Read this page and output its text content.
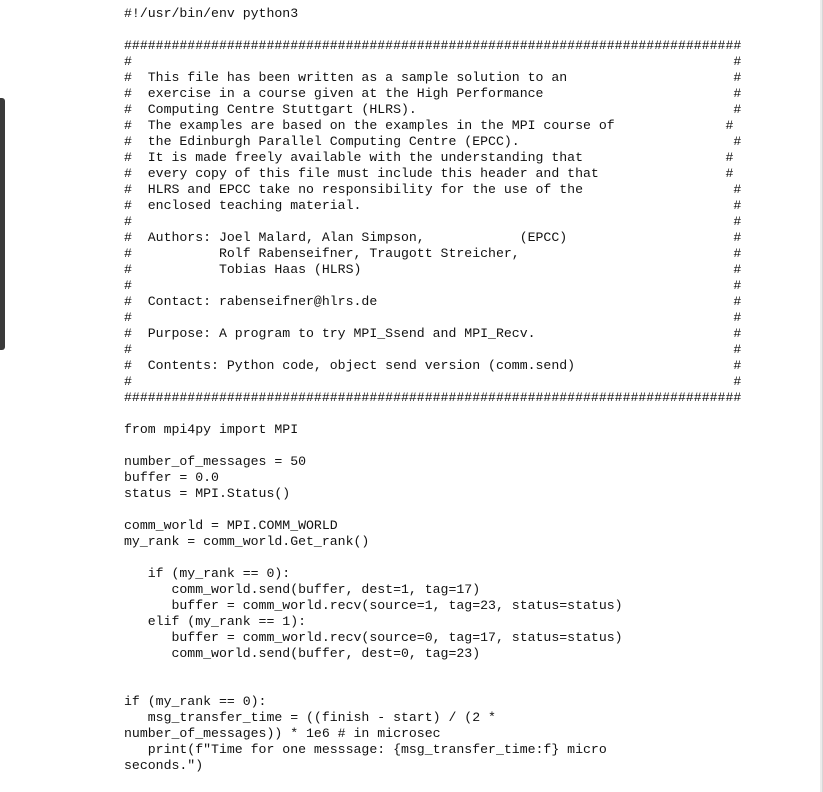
#!/usr/bin/env python3
##############################################################################
#                                                                            #
#  This file has been written as a sample solution to an                     #
#  exercise in a course given at the High Performance                        #
#  Computing Centre Stuttgart (HLRS).                                        #
#  The examples are based on the examples in the MPI course of              #
#  the Edinburgh Parallel Computing Centre (EPCC).                           #
#  It is made freely available with the understanding that                  #
#  every copy of this file must include this header and that                #
#  HLRS and EPCC take no responsibility for the use of the                   #
#  enclosed teaching material.                                               #
#                                                                            #
#  Authors: Joel Malard, Alan Simpson,            (EPCC)                     #
#           Rolf Rabenseifner, Traugott Streicher,                           #
#           Tobias Haas (HLRS)                                               #
#                                                                            #
#  Contact: rabenseifner@hlrs.de                                             #
#                                                                            #
#  Purpose: A program to try MPI_Ssend and MPI_Recv.                         #
#                                                                            #
#  Contents: Python code, object send version (comm.send)                    #
#                                                                            #
##############################################################################
from mpi4py import MPI
number_of_messages = 50
buffer = 0.0
status = MPI.Status()
comm_world = MPI.COMM_WORLD
my_rank = comm_world.Get_rank()
if (my_rank == 0):
comm_world.send(buffer, dest=1, tag=17)
buffer = comm_world.recv(source=1, tag=23, status=status)
elif (my_rank == 1):
buffer = comm_world.recv(source=0, tag=17, status=status)
comm_world.send(buffer, dest=0, tag=23)
if (my_rank == 0):
msg_transfer_time = ((finish - start) / (2 *
number_of_messages)) * 1e6 # in microsec
print(f"Time for one messsage: {msg_transfer_time:f} micro
seconds.")
